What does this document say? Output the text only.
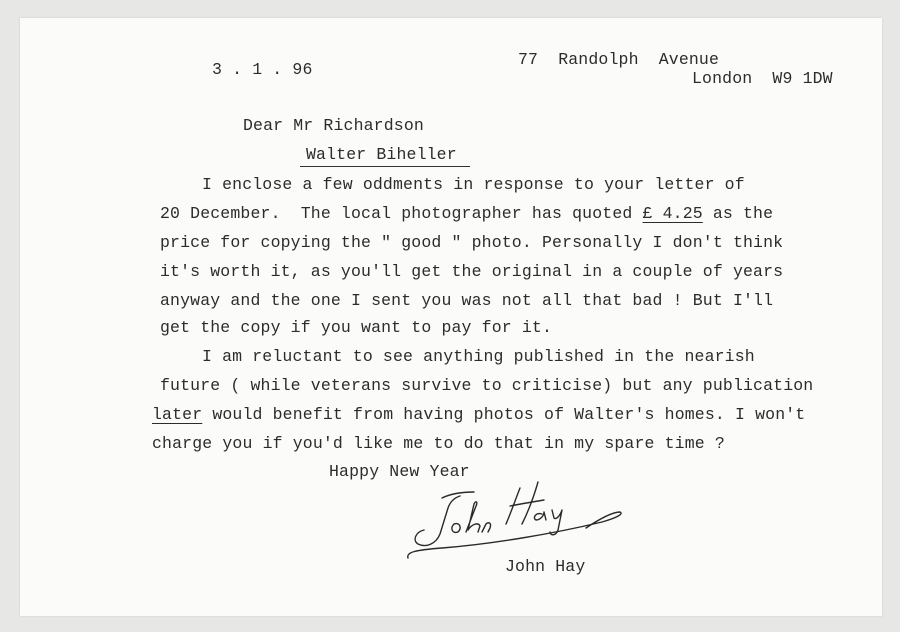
3 . 1 . 96
77  Randolph  Avenue
London  W9 1DW
Dear Mr Richardson
Walter Biheller
I enclose a few oddments in response to your letter of
20 December.  The local photographer has quoted £ 4.25 as the
price for copying the " good " photo. Personally I don't think
it's worth it, as you'll get the original in a couple of years
anyway and the one I sent you was not all that bad ! But I'll
get the copy if you want to pay for it.
I am reluctant to see anything published in the nearish
future ( while veterans survive to criticise) but any publication
later would benefit from having photos of Walter's homes. I won't
charge you if you'd like me to do that in my spare time ?
Happy New Year
John Hay
